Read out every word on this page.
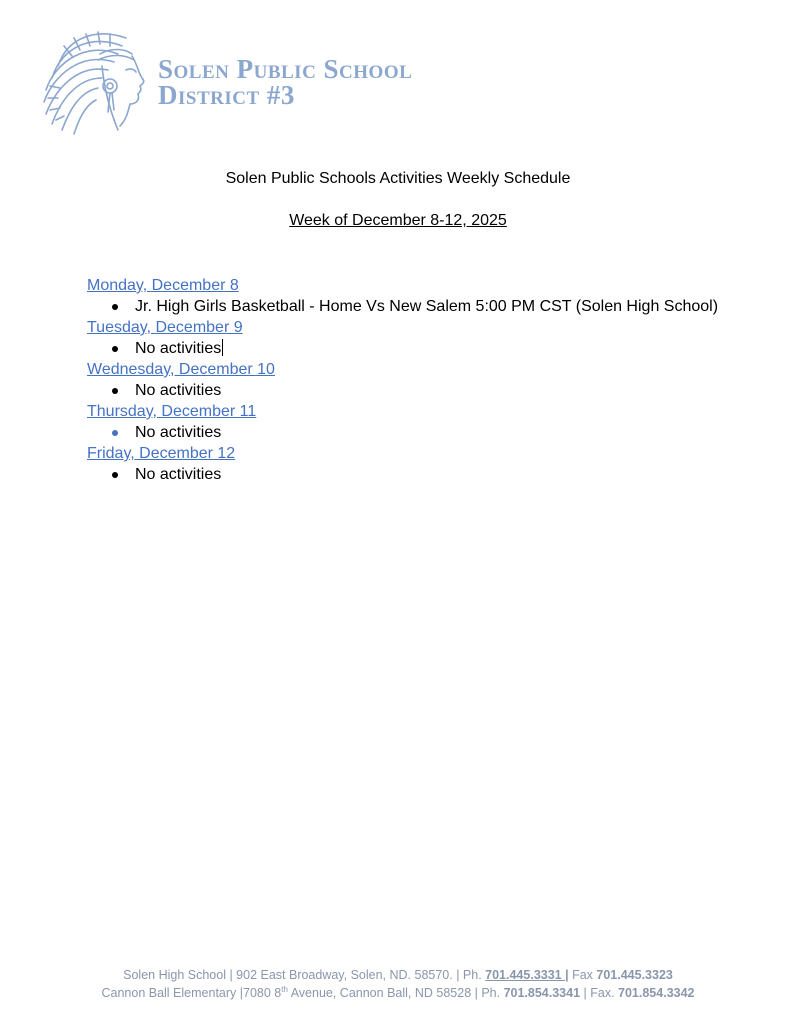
Solen Public School
District #3
Solen Public Schools Activities Weekly Schedule
Week of December 8-12, 2025
Monday, December 8
Jr. High Girls Basketball - Home Vs New Salem 5:00 PM CST (Solen High School)
Tuesday, December 9
No activities
Wednesday, December 10
No activities
Thursday, December 11
No activities
Friday, December 12
No activities
Solen High School | 902 East Broadway, Solen, ND. 58570. | Ph. 701.445.3331 | Fax 701.445.3323
Cannon Ball Elementary |7080 8th Avenue, Cannon Ball, ND 58528 | Ph. 701.854.3341 | Fax. 701.854.3342
